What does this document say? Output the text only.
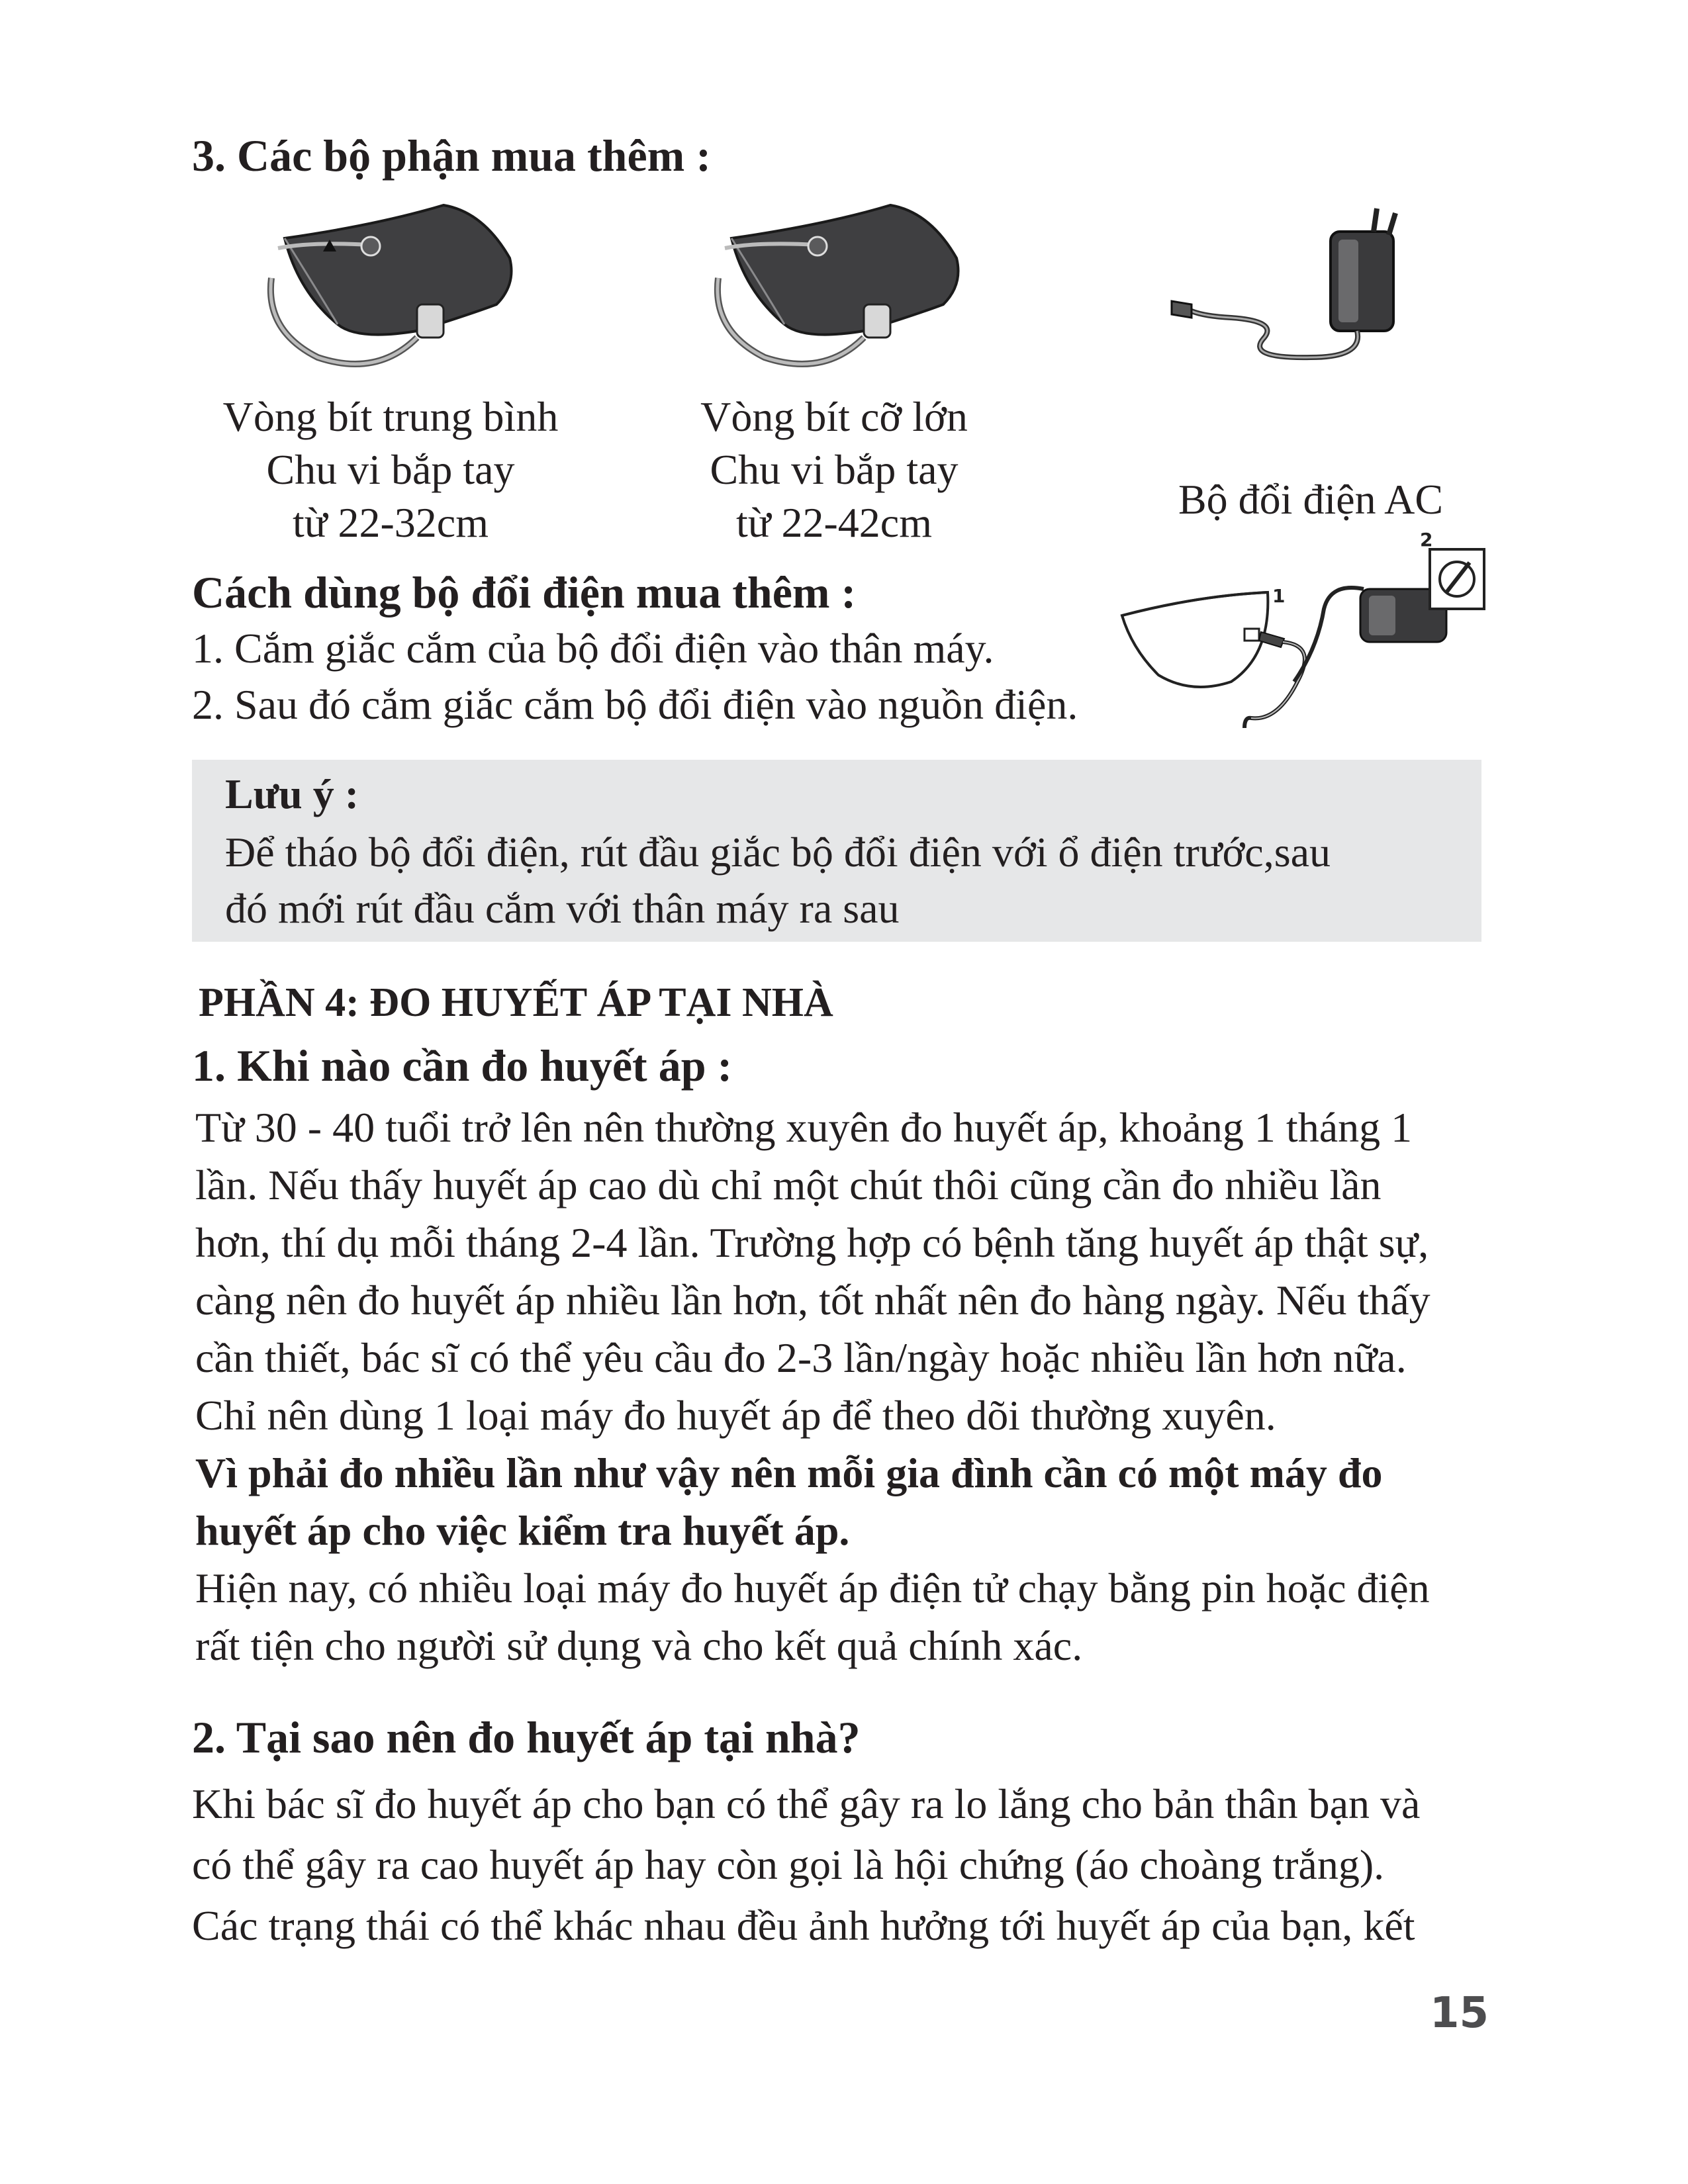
3. Các bộ phận mua thêm :
Vòng bít trung bình
Chu vi bắp tay
từ 22-32cm
Vòng bít cỡ lớn
Chu vi bắp tay
từ 22-42cm	Bộ đổi điện AC
Cách dùng bộ đổi điện mua thêm :
1. Cắm giắc cắm của bộ đổi điện vào thân máy.
2. Sau đó cắm giắc cắm bộ đổi điện vào nguồn điện.
1
2
Lưu ý :
Để tháo bộ đổi điện, rút đầu giắc bộ đổi điện với ổ điện trước,sau
đó mới rút đầu cắm với thân máy ra sau
PHẦN 4: ĐO HUYẾT ÁP TẠI NHÀ
1. Khi nào cần đo huyết áp :
Từ 30 - 40 tuổi trở lên nên thường xuyên đo huyết áp, khoảng 1 tháng 1
lần. Nếu thấy huyết áp cao dù chỉ một chút thôi cũng cần đo nhiều lần
hơn, thí dụ mỗi tháng 2-4 lần. Trường hợp có bệnh tăng huyết áp thật sự,
càng nên đo huyết áp nhiều lần hơn, tốt nhất nên đo hàng ngày. Nếu thấy
cần thiết, bác sĩ có thể yêu cầu đo 2-3 lần/ngày hoặc nhiều lần hơn nữa.
Chỉ nên dùng 1 loại máy đo huyết áp để theo dõi thường xuyên.
Vì phải đo nhiều lần như vậy nên mỗi gia đình cần có một máy đo
huyết áp cho việc kiểm tra huyết áp.
Hiện nay, có nhiều loại máy đo huyết áp điện tử chạy bằng pin hoặc điện
rất tiện cho người sử dụng và cho kết quả chính xác.
2. Tại sao nên đo huyết áp tại nhà?
Khi bác sĩ đo huyết áp cho bạn có thể gây ra lo lắng cho bản thân bạn và
có thể gây ra cao huyết áp hay còn gọi là hội chứng (áo choàng trắng).
Các trạng thái có thể khác nhau đều ảnh hưởng tới huyết áp của bạn, kết
15
